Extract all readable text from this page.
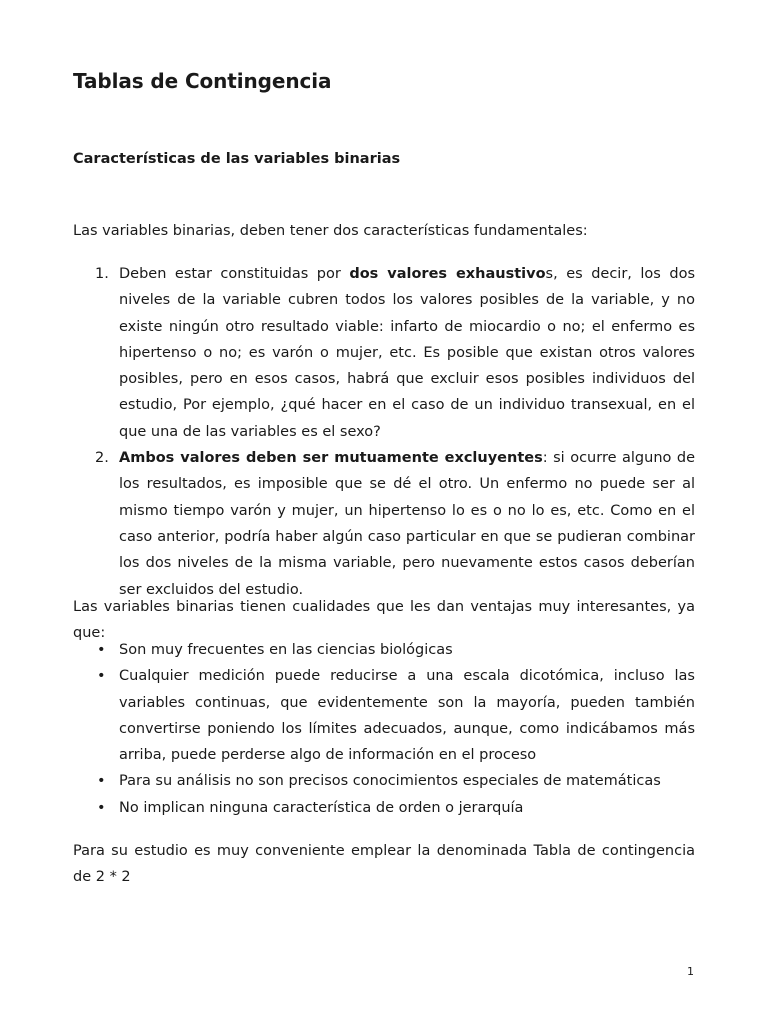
Tablas de Contingencia
Características de las variables binarias

Las variables binarias, deben tener dos características fundamentales:

1. Deben estar constituidas por dos valores exhaustivos, es decir, los dos niveles de la variable cubren todos los valores posibles de la variable, y no existe ningún otro resultado viable: infarto de miocardio o no; el enfermo es hipertenso o no; es varón o mujer, etc. Es posible que existan otros valores posibles, pero en esos casos, habrá que excluir esos posibles individuos del estudio, Por ejemplo, ¿qué hacer en el caso de un individuo transexual, en el que una de las variables es el sexo?
2. Ambos valores deben ser mutuamente excluyentes: si ocurre alguno de los resultados, es imposible que se dé el otro. Un enfermo no puede ser al mismo tiempo varón y mujer, un hipertenso lo es o no lo es, etc. Como en el caso anterior, podría haber algún caso particular en que se pudieran combinar los dos niveles de la misma variable, pero nuevamente estos casos deberían ser excluidos del estudio.

Las variables binarias tienen cualidades que les dan ventajas muy interesantes, ya que:

• Son muy frecuentes en las ciencias biológicas
• Cualquier medición puede reducirse a una escala dicotómica, incluso las variables continuas, que evidentemente son la mayoría, pueden también convertirse poniendo los límites adecuados, aunque, como indicábamos más arriba, puede perderse algo de información en el proceso
• Para su análisis no son precisos conocimientos especiales de matemáticas
• No implican ninguna característica de orden o jerarquía

Para su estudio es muy conveniente emplear la denominada Tabla de contingencia de 2 * 2

1
